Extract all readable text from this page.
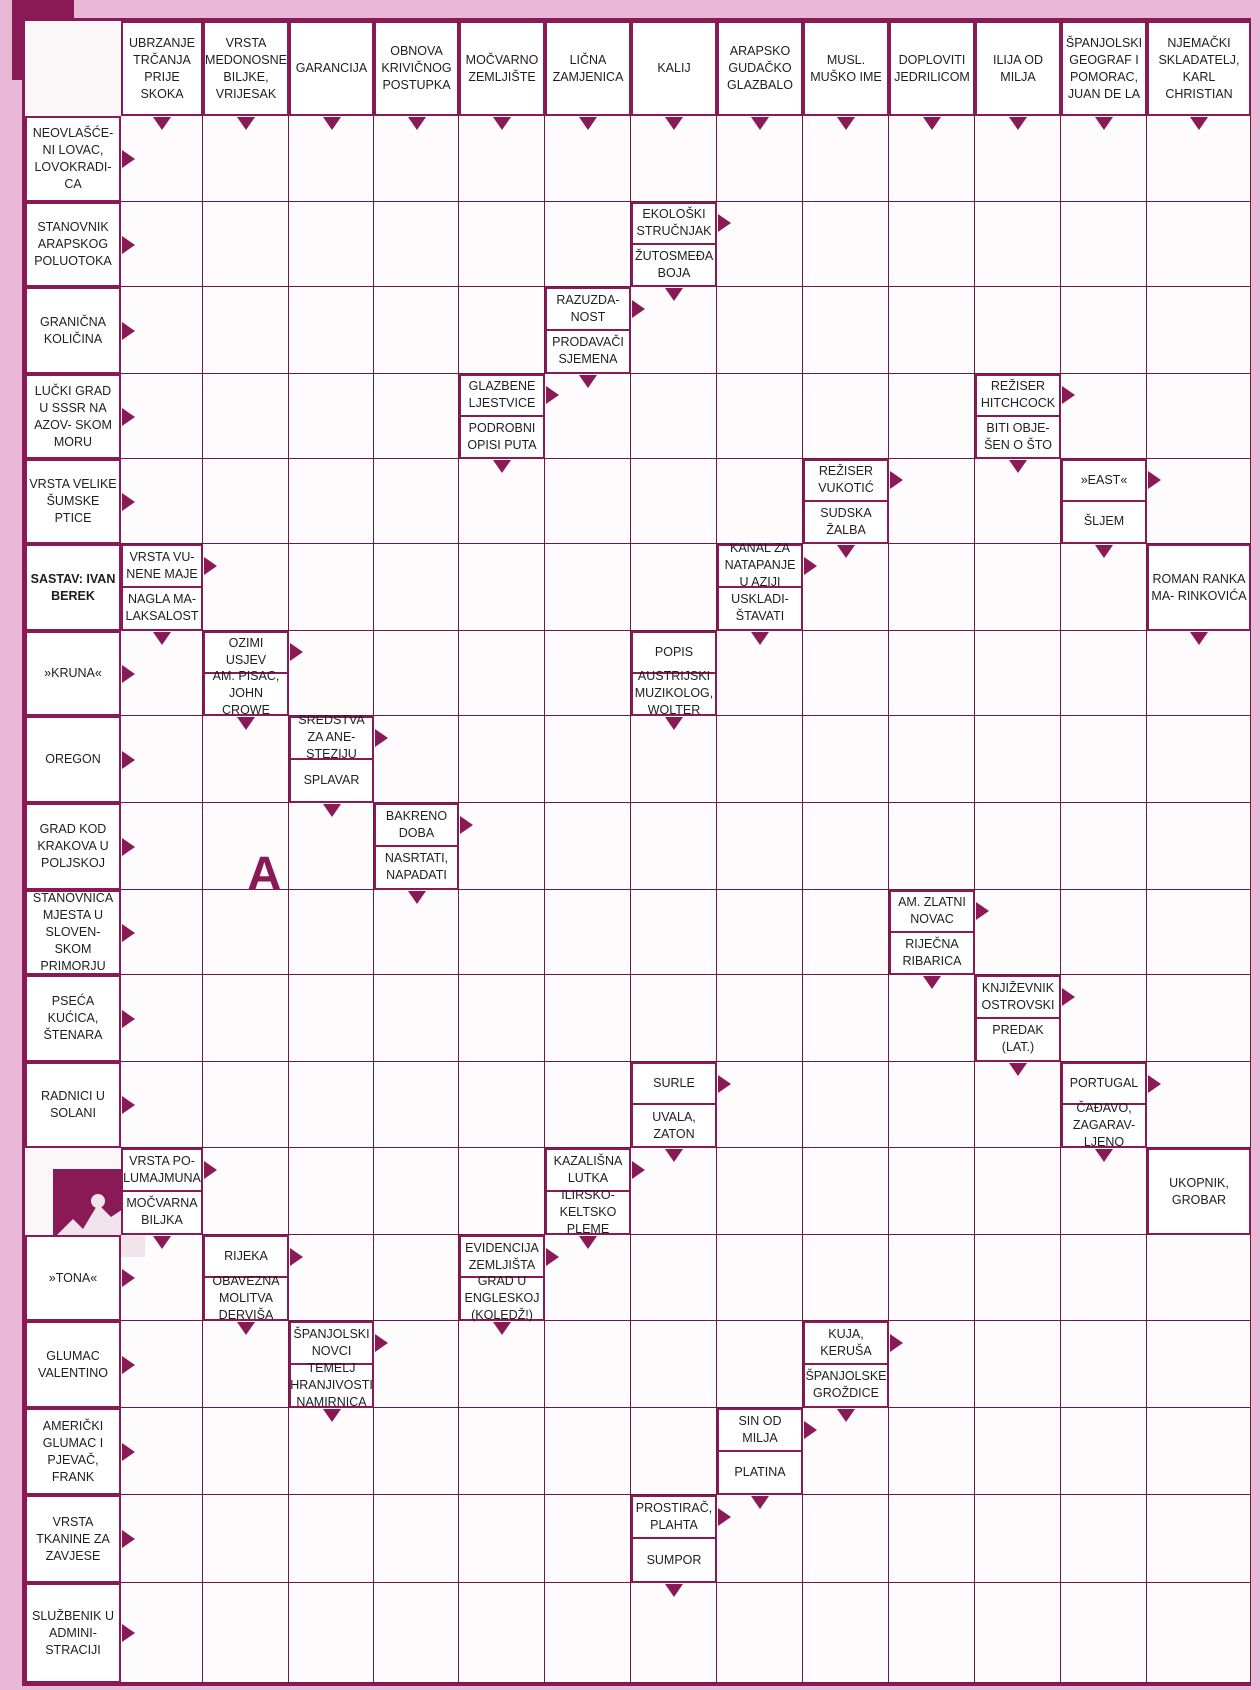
A
UBRZANJE TRČANJA PRIJE SKOKA
VRSTA MEDONOSNE BILJKE, VRIJESAK
GARANCIJA
OBNOVA KRIVIČNOG POSTUPKA
MOČVARNO ZEMLJIŠTE
LIČNA ZAMJENICA
KALIJ
ARAPSKO GUDAČKO GLAZBALO
MUSL. MUŠKO IME
DOPLOVITI JEDRILICOM
ILIJA OD MILJA
ŠPANJOLSKI GEOGRAF I POMORAC, JUAN DE LA
NJEMAČKI SKLADATELJ, KARL CHRISTIAN
NEOVLAŠĆE- NI LOVAC, LOVOKRADI- CA
STANOVNIK ARAPSKOG POLUOTOKA
GRANIČNA KOLIČINA
LUČKI GRAD U SSSR NA AZOV- SKOM MORU
VRSTA VELIKE ŠUMSKE PTICE
SASTAV: IVAN BEREK
»KRUNA«
OREGON
GRAD KOD KRAKOVA U POLJSKOJ
STANOVNICA MJESTA U SLOVEN- SKOM PRIMORJU
PSEĆA KUĆICA, ŠTENARA
RADNICI U SOLANI
»TONA«
GLUMAC VALENTINO
AMERIČKI GLUMAC I PJEVAČ, FRANK
VRSTA TKANINE ZA ZAVJESE
SLUŽBENIK U ADMINI- STRACIJI
EKOLOŠKI STRUČNJAK
ŽUTOSMEĐA BOJA
RAZUZDA- NOST
PRODAVAČI SJEMENA
GLAZBENE LJESTVICE
PODROBNI OPISI PUTA
REŽISER HITCHCOCK
BITI OBJE- ŠEN O ŠTO
REŽISER VUKOTIĆ
SUDSKA ŽALBA
»EAST«
ŠLJEM
VRSTA VU- NENE MAJE
NAGLA MA- LAKSALOST
KANAL ZA NATAPANJE U AZIJI
USKLADI- ŠTAVATI
ROMAN RANKA MA- RINKOVIĆA
OZIMI USJEV
AM. PISAC, JOHN CROWE
POPIS
AUSTRIJSKI MUZIKOLOG, WOLTER
SREDSTVA ZA ANE- STEZIJU
SPLAVAR
BAKRENO DOBA
NASRTATI, NAPADATI
AM. ZLATNI NOVAC
RIJEČNA RIBARICA
KNJIŽEVNIK OSTROVSKI
PREDAK (LAT.)
SURLE
UVALA, ZATON
PORTUGAL
ČAĐAVO, ZAGARAV- LJENO
VRSTA PO- LUMAJMUNA
MOČVARNA BILJKA
KAZALIŠNA LUTKA
ILIRSKO- KELTSKO PLEME
UKOPNIK, GROBAR
RIJEKA
OBAVEZNA MOLITVA DERVIŠA
EVIDENCIJA ZEMLJIŠTA
GRAD U ENGLESKOJ (KOLEDŽ!)
ŠPANJOLSKI NOVCI
TEMELJ HRANJIVOSTI NAMIRNICA
KUJA, KERUŠA
ŠPANJOLSKE GROŽDICE
SIN OD MILJA
PLATINA
PROSTIRAČ, PLAHTA
SUMPOR
